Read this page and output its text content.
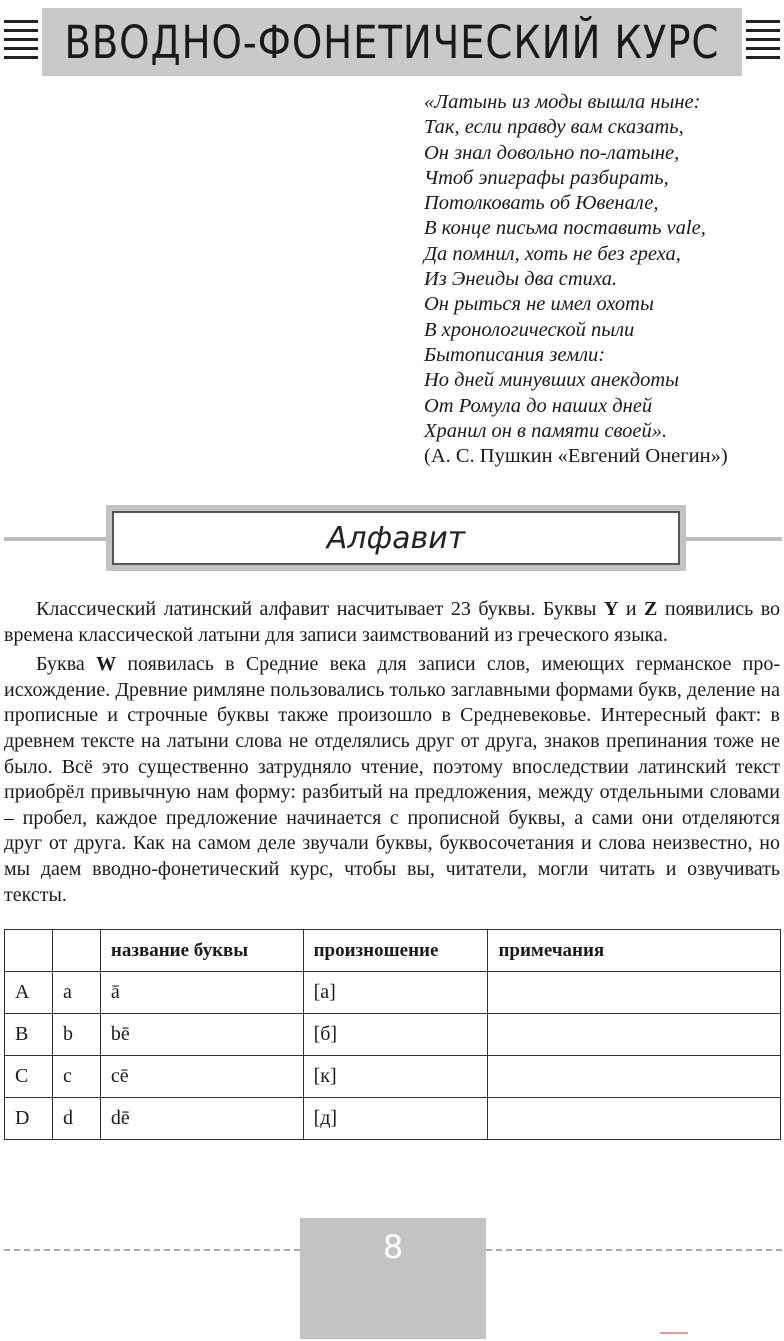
ВВОДНО-ФОНЕТИЧЕСКИЙ КУРС
«Латынь из моды вышла ныне:
Так, если правду вам сказать,
Он знал довольно по-латыне,
Чтоб эпиграфы разбирать,
Потолковать об Ювенале,
В конце письма поставить vale,
Да помнил, хоть не без греха,
Из Энеиды два стиха.
Он рыться не имел охоты
В хронологической пыли
Бытописания земли:
Но дней минувших анекдоты
От Ромула до наших дней
Хранил он в памяти своей».
(А. С. Пушкин «Евгений Онегин»)
Алфавит

Классический латинский алфавит насчитывает 23 буквы. Буквы Y и Z появились во времена классической латыни для записи заимствований из греческого языка.

Буква W появилась в Средние века для записи слов, имеющих германское происхождение. Древние римляне пользовались только заглавными формами букв, деление на прописные и строчные буквы также произошло в Средневековье. Интересный факт: в древнем тексте на латыни слова не отделялись друг от друга, знаков препинания тоже не было. Всё это существенно затрудняло чтение, поэтому впоследствии латинский текст приобрёл привычную нам форму: разбитый на предложения, между отдельными словами – пробел, каждое предложение начинается с прописной буквы, а сами они отделяются друг от друга. Как на самом деле звучали буквы, буквосочетания и слова неизвестно, но мы даем вводно-фонетический курс, чтобы вы, читатели, могли читать и озвучивать тексты.

		название буквы	произношение	примечания
A	a	ā	[а]	
B	b	bē	[б]	
C	c	cē	[к]	
D	d	dē	[д]	
8
